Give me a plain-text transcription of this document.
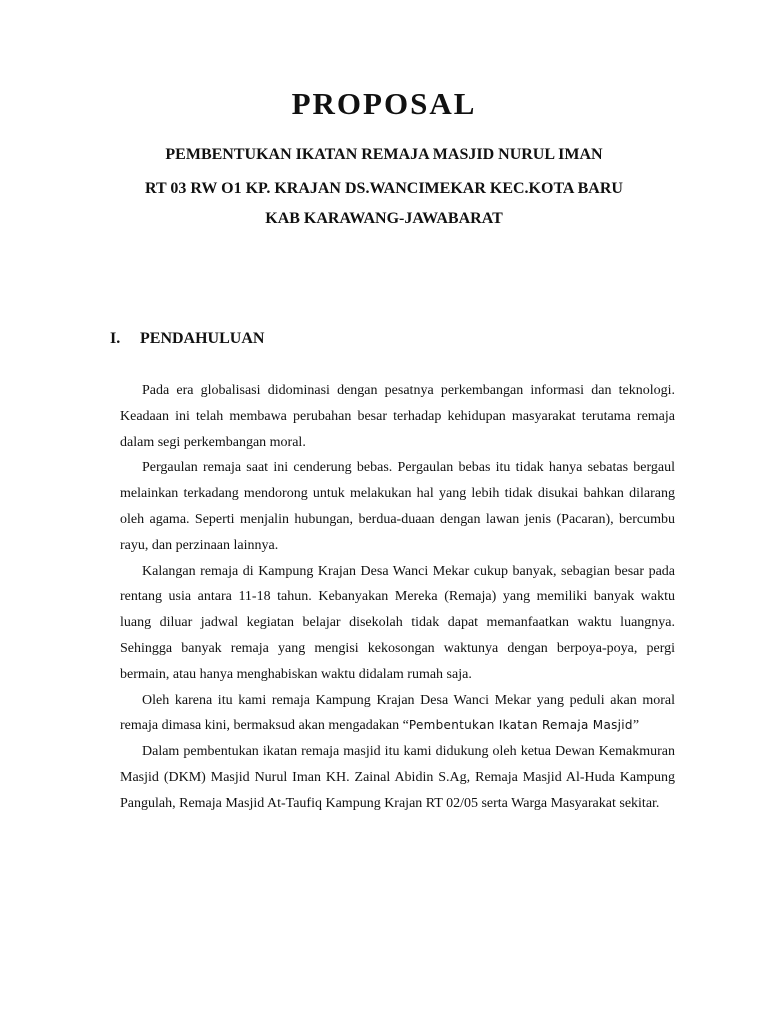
PROPOSAL
PEMBENTUKAN IKATAN REMAJA MASJID NURUL IMAN
RT 03 RW O1 KP. KRAJAN DS.WANCIMEKAR KEC.KOTA BARU
KAB KARAWANG-JAWABARAT
I. PENDAHULUAN

Pada era globalisasi didominasi dengan pesatnya perkembangan informasi dan teknologi. Keadaan ini telah membawa perubahan besar terhadap kehidupan masyarakat terutama remaja dalam segi perkembangan moral.

Pergaulan remaja saat ini cenderung bebas. Pergaulan bebas itu tidak hanya sebatas bergaul melainkan terkadang mendorong untuk melakukan hal yang lebih tidak disukai bahkan dilarang oleh agama. Seperti menjalin hubungan, berdua-duaan dengan lawan jenis (Pacaran), bercumbu rayu, dan perzinaan lainnya.

Kalangan remaja di Kampung Krajan Desa Wanci Mekar cukup banyak, sebagian besar pada rentang usia antara 11-18 tahun. Kebanyakan Mereka (Remaja) yang memiliki banyak waktu luang diluar jadwal kegiatan belajar disekolah tidak dapat memanfaatkan waktu luangnya. Sehingga banyak remaja yang mengisi kekosongan waktunya dengan berpoya-poya, pergi bermain, atau hanya menghabiskan waktu didalam rumah saja.

Oleh karena itu kami remaja Kampung Krajan Desa Wanci Mekar yang peduli akan moral remaja dimasa kini, bermaksud akan mengadakan “Pembentukan Ikatan Remaja Masjid”

Dalam pembentukan ikatan remaja masjid itu kami didukung oleh ketua Dewan Kemakmuran Masjid (DKM) Masjid Nurul Iman KH. Zainal Abidin S.Ag, Remaja Masjid Al-Huda Kampung Pangulah, Remaja Masjid At-Taufiq Kampung Krajan RT 02/05 serta Warga Masyarakat sekitar.
